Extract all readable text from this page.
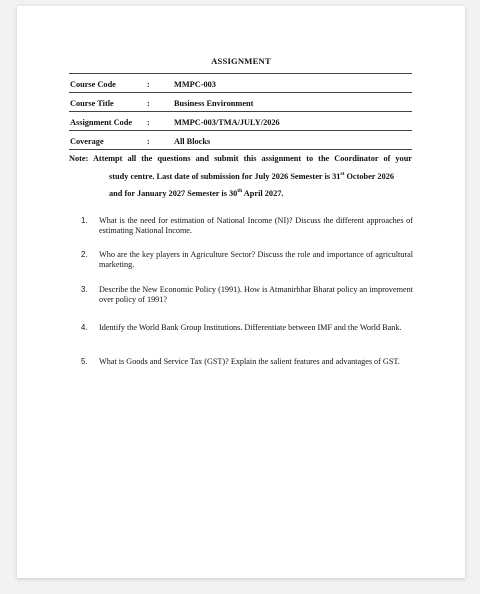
ASSIGNMENT
Course Code	:	MMPC-003
Course Title	:	Business Environment
Assignment Code :	MMPC-003/TMA/JULY/2026
Coverage	:	All Blocks
Note: Attempt all the questions and submit this assignment to the Coordinator of your
study centre. Last date of submission for July 2026 Semester is 31st October 2026
and for January 2027 Semester is 30th April 2027.
1.	What is the need for estimation of National Income (NI)? Discuss the different approaches of estimating National Income.
2.	Who are the key players in Agriculture Sector? Discuss the role and importance of agricultural marketing.
3.	Describe the New Economic Policy (1991). How is Atmanirbhar Bharat policy an improvement over policy of 1991?
4.	Identify the World Bank Group Institutions. Differentiate between IMF and the World Bank.
5.	What is Goods and Service Tax (GST)? Explain the salient features and advantages of GST.
